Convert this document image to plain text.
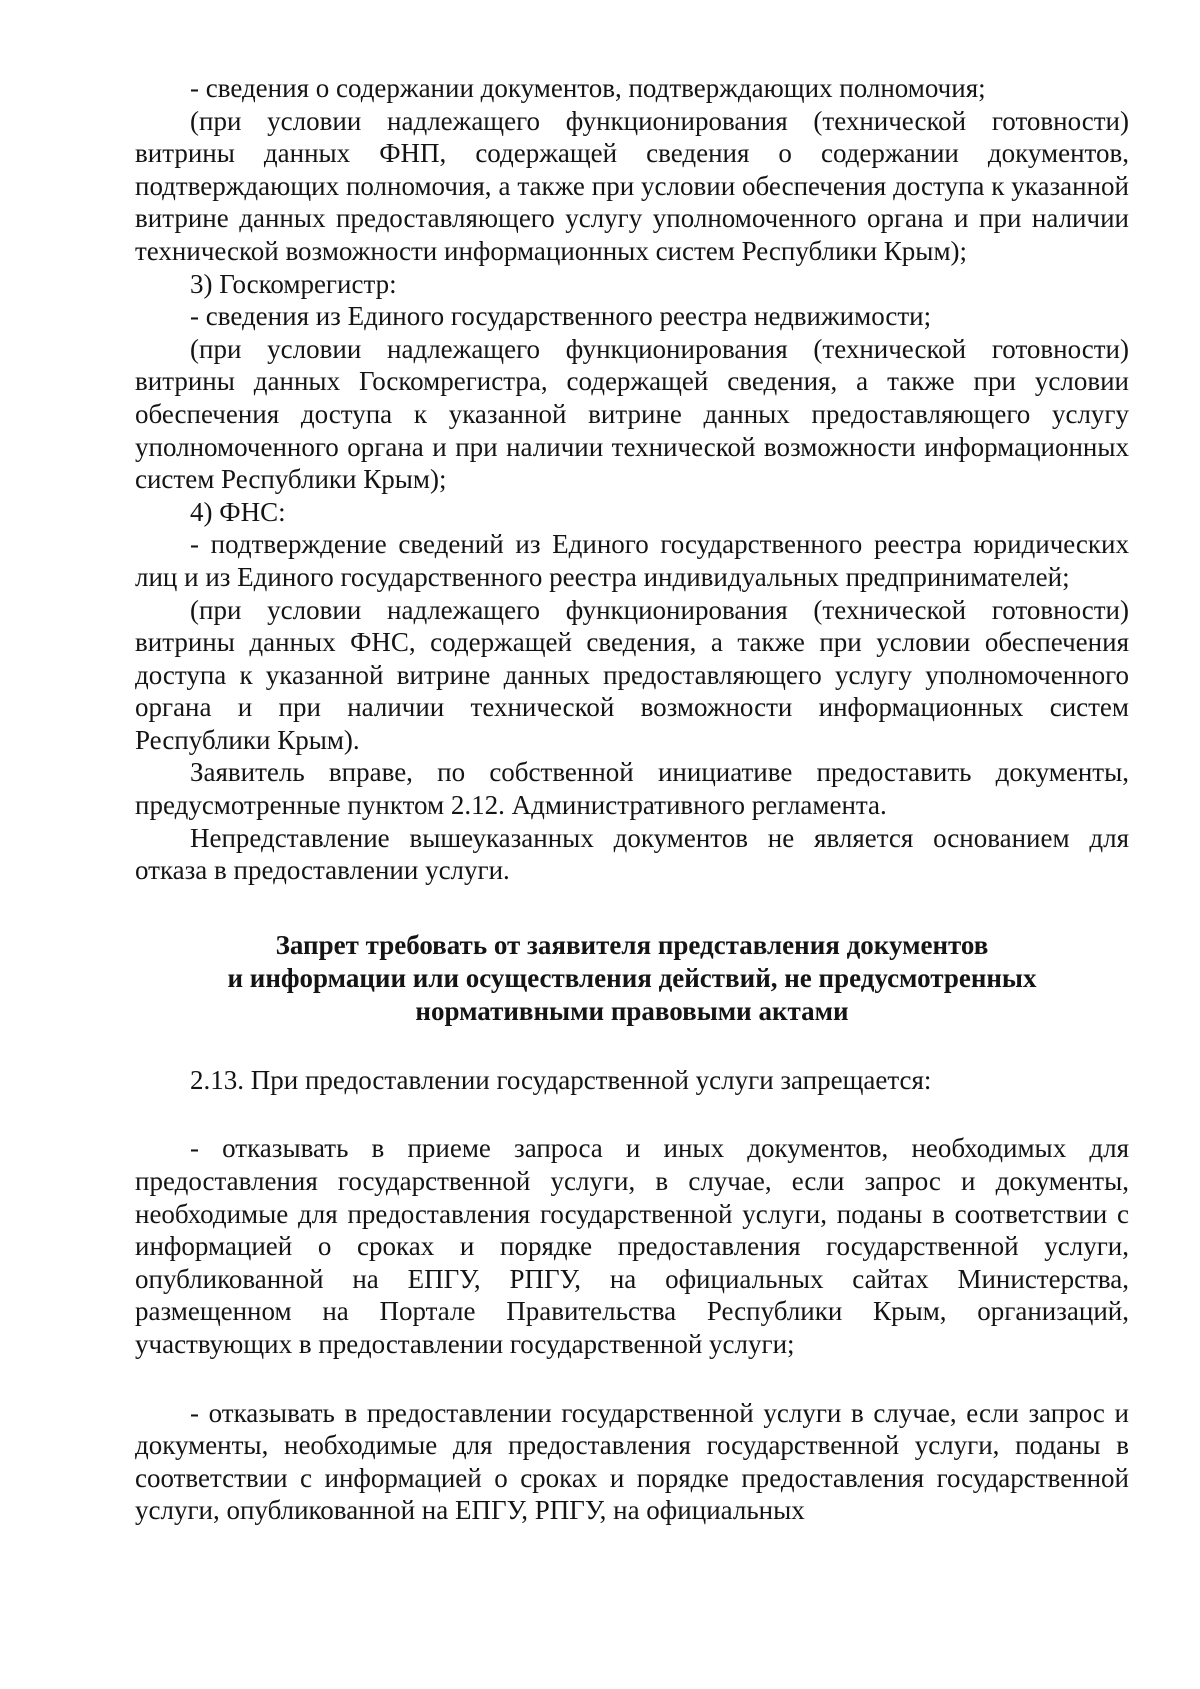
- сведения о содержании документов, подтверждающих полномочия;

(при условии надлежащего функционирования (технической готовности) витрины данных ФНП, содержащей сведения о содержании документов, подтверждающих полномочия, а также при условии обеспечения доступа к указанной витрине данных предоставляющего услугу уполномоченного органа и при наличии технической возможности информационных систем Республики Крым);

3) Госкомрегистр:

- сведения из Единого государственного реестра недвижимости;

(при условии надлежащего функционирования (технической готовности) витрины данных Госкомрегистра, содержащей сведения, а также при условии обеспечения доступа к указанной витрине данных предоставляющего услугу уполномоченного органа и при наличии технической возможности информационных систем Республики Крым);

4) ФНС:

- подтверждение сведений из Единого государственного реестра юридических лиц и из Единого государственного реестра индивидуальных предпринимателей;

(при условии надлежащего функционирования (технической готовности) витрины данных ФНС, содержащей сведения, а также при условии обеспечения доступа к указанной витрине данных предоставляющего услугу уполномоченного органа и при наличии технической возможности информационных систем Республики Крым).

Заявитель вправе, по собственной инициативе предоставить документы, предусмотренные пунктом 2.12. Административного регламента.

Непредставление вышеуказанных документов не является основанием для отказа в предоставлении услуги.

Запрет требовать от заявителя представления документов
и информации или осуществления действий, не предусмотренных
нормативными правовыми актами

2.13. При предоставлении государственной услуги запрещается:

- отказывать в приеме запроса и иных документов, необходимых для предоставления государственной услуги, в случае, если запрос и документы, необходимые для предоставления государственной услуги, поданы в соответствии с информацией о сроках и порядке предоставления государственной услуги, опубликованной на ЕПГУ, РПГУ, на официальных сайтах Министерства, размещенном на Портале Правительства Республики Крым, организаций, участвующих в предоставлении государственной услуги;

- отказывать в предоставлении государственной услуги в случае, если запрос и документы, необходимые для предоставления государственной услуги, поданы в соответствии с информацией о сроках и порядке предоставления государственной услуги, опубликованной на ЕПГУ, РПГУ, на официальных
